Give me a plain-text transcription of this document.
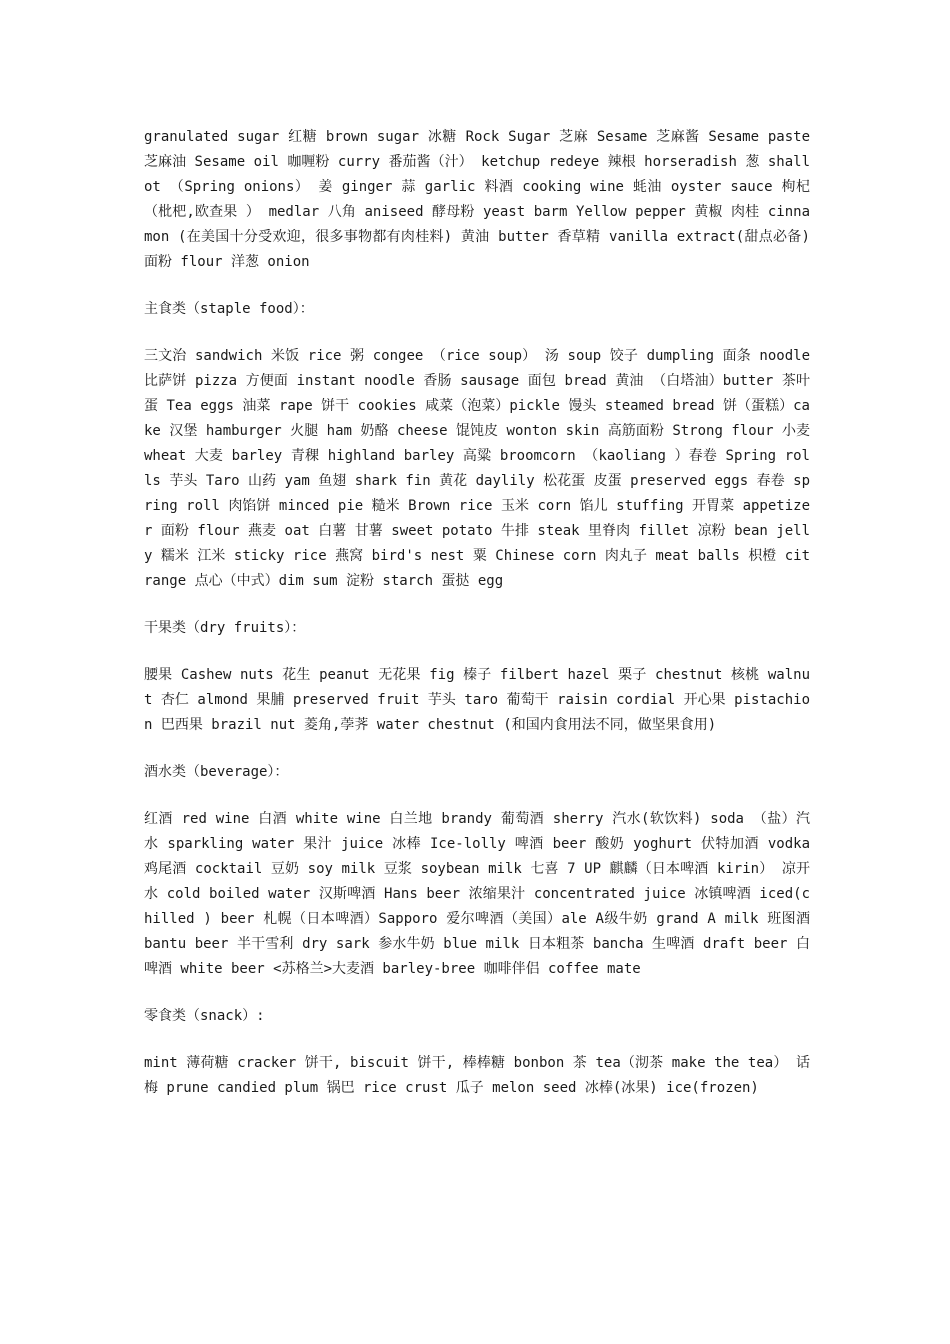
granulated sugar 红糖 brown sugar 冰糖 Rock Sugar 芝麻 Sesame 芝麻酱 Sesame paste 芝麻油 Sesame oil 咖喱粉 curry 番茄酱（汁） ketchup redeye 辣根 horseradish 葱 shallot （Spring onions） 姜 ginger 蒜 garlic 料酒 cooking wine 蚝油 oyster sauce 枸杞（枇杷,欧查果 ） medlar 八角 aniseed 酵母粉 yeast barm Yellow pepper 黄椒 肉桂 cinnamon (在美国十分受欢迎，很多事物都有肉桂料) 黄油 butter 香草精 vanilla extract(甜点必备) 面粉 flour 洋葱 onion

主食类（staple food）：

三文治 sandwich 米饭 rice 粥 congee （rice soup） 汤 soup 饺子 dumpling 面条 noodle 比萨饼 pizza 方便面 instant noodle 香肠 sausage 面包 bread 黄油 （白塔油）butter 茶叶蛋 Tea eggs 油菜 rape 饼干 cookies 咸菜（泡菜）pickle 馒头 steamed bread 饼（蛋糕）cake 汉堡 hamburger 火腿 ham 奶酪 cheese 馄饨皮 wonton skin 高筋面粉 Strong flour 小麦 wheat 大麦 barley 青稞 highland barley 高粱 broomcorn （kaoliang ）春卷 Spring rolls 芋头 Taro 山药 yam 鱼翅 shark fin 黄花 daylily 松花蛋 皮蛋 preserved eggs 春卷 spring roll 肉馅饼 minced pie 糙米 Brown rice 玉米 corn 馅儿 stuffing 开胃菜 appetizer 面粉 flour 燕麦 oat 白薯 甘薯 sweet potato 牛排 steak 里脊肉 fillet 凉粉 bean jelly 糯米 江米 sticky rice 燕窝 bird's nest 粟 Chinese corn 肉丸子 meat balls 枳橙 citrange 点心（中式）dim sum 淀粉 starch 蛋挞 egg

干果类（dry fruits）：

腰果 Cashew nuts 花生 peanut 无花果 fig 榛子 filbert hazel 栗子 chestnut 核桃 walnut 杏仁 almond 果脯 preserved fruit 芋头 taro 葡萄干 raisin cordial 开心果 pistachion 巴西果 brazil nut 菱角,荸荠 water chestnut (和国内食用法不同，做坚果食用)

酒水类（beverage）：

红酒 red wine 白酒 white wine 白兰地 brandy 葡萄酒 sherry 汽水(软饮料) soda （盐）汽水 sparkling water 果汁 juice 冰棒 Ice-lolly 啤酒 beer 酸奶 yoghurt 伏特加酒 vodka 鸡尾酒 cocktail 豆奶 soy milk 豆浆 soybean milk 七喜 7 UP 麒麟（日本啤酒 kirin） 凉开水 cold boiled water 汉斯啤酒 Hans beer 浓缩果汁 concentrated juice 冰镇啤酒 iced(chilled ) beer 札幌（日本啤酒）Sapporo 爱尔啤酒（美国）ale A级牛奶 grand A milk 班图酒 bantu beer 半干雪利 dry sark 参水牛奶 blue milk 日本粗茶 bancha 生啤酒 draft beer 白啤酒 white beer <苏格兰>大麦酒 barley-bree 咖啡伴侣 coffee mate

零食类（snack）:

mint 薄荷糖 cracker 饼干, biscuit 饼干, 棒棒糖 bonbon 茶 tea（沏茶 make the tea） 话梅 prune candied plum 锅巴 rice crust 瓜子 melon seed 冰棒(冰果) ice(frozen)
